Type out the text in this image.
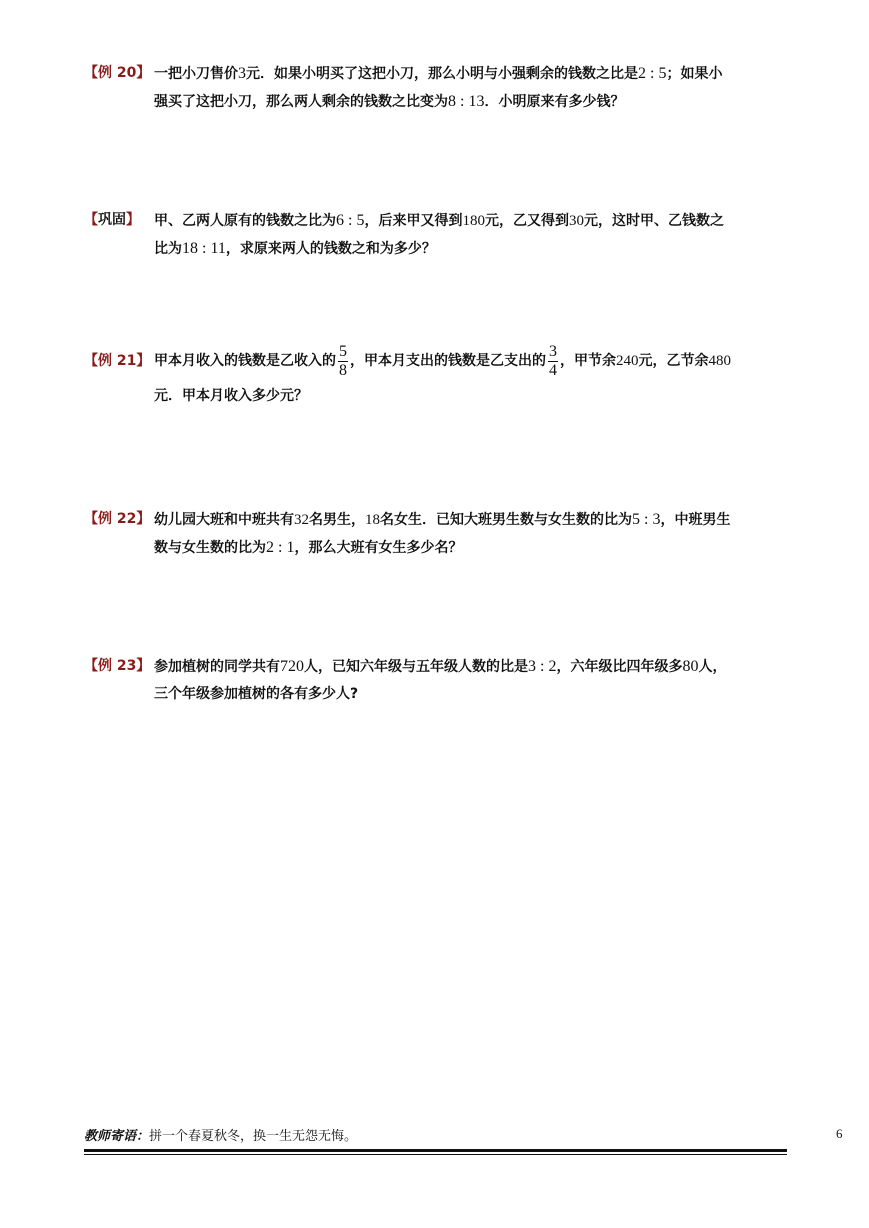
【例 20】 一把小刀售价3元．如果小明买了这把小刀，那么小明与小强剩余的钱数之比是2 : 5；如果小
强买了这把小刀，那么两人剩余的钱数之比变为8 : 13．小明原来有多少钱？
【巩固】	甲、乙两人原有的钱数之比为6 : 5，后来甲又得到180元，乙又得到30元，这时甲、乙钱数之
比为18 : 11，求原来两人的钱数之和为多少？
【例 21】 甲本月收入的钱数是乙收入的 $\frac{5}{8}$ ，甲本月支出的钱数是乙支出的 $\frac{3}{4}$ ，甲节余240元，乙节余480
元．甲本月收入多少元？
【例 22】 幼儿园大班和中班共有32名男生，18名女生．已知大班男生数与女生数的比为5 : 3，中班男生
数与女生数的比为2 : 1，那么大班有女生多少名？
【例 23】 参加植树的同学共有720人，已知六年级与五年级人数的比是3 : 2，六年级比四年级多80人，
三个年级参加植树的各有多少人?
教师寄语：拼一个春夏秋冬，换一生无怨无悔。	6
